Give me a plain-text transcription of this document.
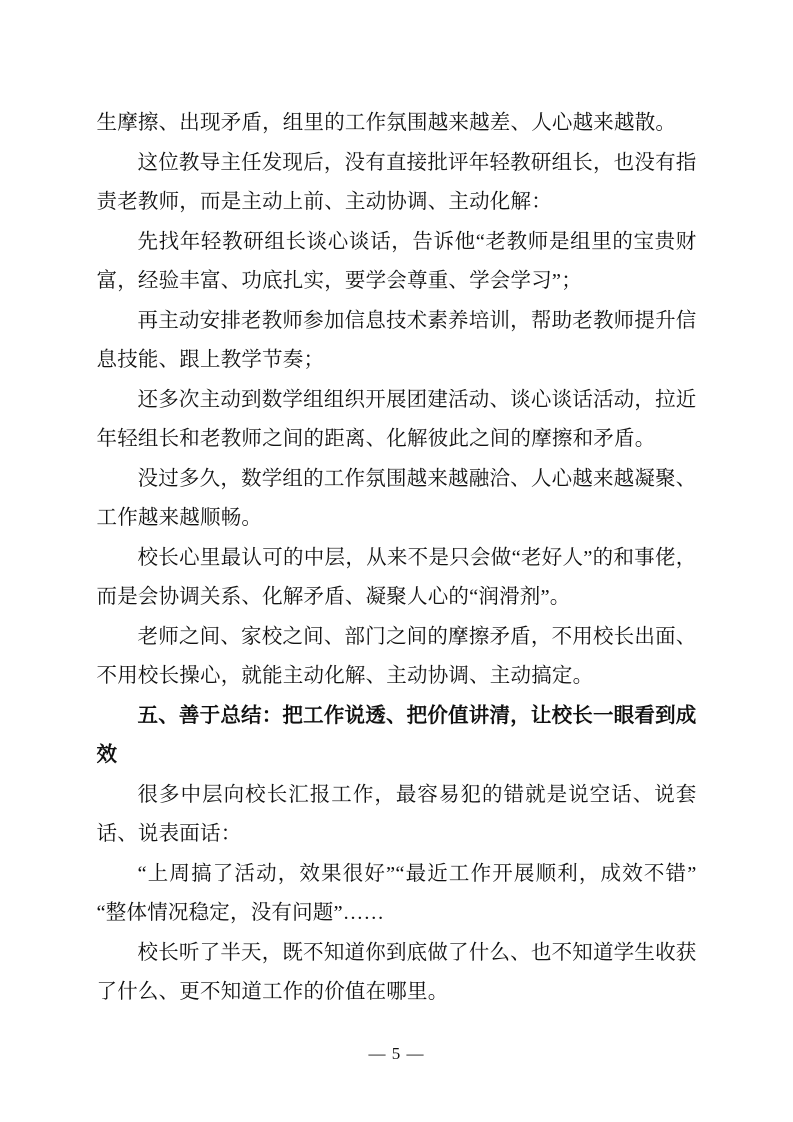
生摩擦、出现矛盾，组里的工作氛围越来越差、人心越来越散。

这位教导主任发现后，没有直接批评年轻教研组长，也没有指责老教师，而是主动上前、主动协调、主动化解：

先找年轻教研组长谈心谈话，告诉他“老教师是组里的宝贵财富，经验丰富、功底扎实，要学会尊重、学会学习”；

再主动安排老教师参加信息技术素养培训，帮助老教师提升信息技能、跟上教学节奏；

还多次主动到数学组组织开展团建活动、谈心谈话活动，拉近年轻组长和老教师之间的距离、化解彼此之间的摩擦和矛盾。

没过多久，数学组的工作氛围越来越融洽、人心越来越凝聚、工作越来越顺畅。

校长心里最认可的中层，从来不是只会做“老好人”的和事佬，而是会协调关系、化解矛盾、凝聚人心的“润滑剂”。

老师之间、家校之间、部门之间的摩擦矛盾，不用校长出面、不用校长操心，就能主动化解、主动协调、主动搞定。

五、善于总结：把工作说透、把价值讲清，让校长一眼看到成效

很多中层向校长汇报工作，最容易犯的错就是说空话、说套话、说表面话：

“上周搞了活动，效果很好”“最近工作开展顺利，成效不错”“整体情况稳定，没有问题”……

校长听了半天，既不知道你到底做了什么、也不知道学生收获了什么、更不知道工作的价值在哪里。

— 5 —
